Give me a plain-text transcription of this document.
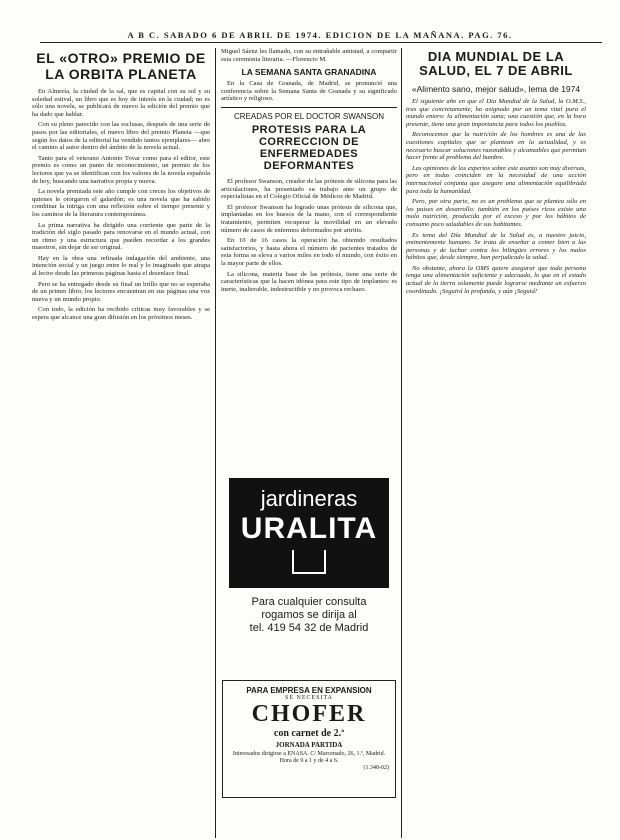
A B C. SABADO 6 DE ABRIL DE 1974. EDICION DE LA MAÑANA. PAG. 76.
EL «OTRO» PREMIO DE LA ORBITA PLANETA

En Almería, la ciudad de la sal, que es capital con su sol y su soledad estival, un libro que es hoy de interés en la ciudad; no es sólo una novela, se publicará de nuevo la edición del premio que ha dado que hablar.

Con su pleno parecido con las esclusas, después de una serie de pasos por las editoriales, el nuevo libro del premio Planeta —que según los datos de la editorial ha vendido tantos ejemplares— abre el camino al autor dentro del ámbito de la novela actual.

Tanto para el veterano Antonio Tovar como para el editor, este premio es como un punto de reconocimiento, un premio de los lectores que ya se identifican con los valores de la novela española de hoy, buscando una narrativa propia y nueva.

La novela premiada este año cumple con creces los objetivos de quienes le otorgaron el galardón; es una novela que ha sabido combinar la intriga con una reflexión sobre el tiempo presente y los caminos de la literatura contemporánea.

La prima narrativa ha dirigido una corriente que parte de la tradición del siglo pasado para renovarse en el mundo actual, con un ritmo y una estructura que pueden recordar a los grandes maestros, sin dejar de ser original.

Hay en la obra una refinada indagación del ambiente, una intención social y un juego entre lo real y lo imaginado que atrapa al lector desde las primeras páginas hasta el desenlace final.

Pero se ha entregado desde su final un brillo que no se esperaba de un primer libro; los lectores encuentran en sus páginas una voz nueva y un mundo propio.

Con todo, la edición ha recibido críticas muy favorables y se espera que alcance una gran difusión en los próximos meses.

Miguel Sáenz les llamado, con su entrañable amistad, a compartir esta ceremonia literaria. —Florencio M.

LA SEMANA SANTA GRANADINA

En la Casa de Granada, de Madrid, se pronunció una conferencia sobre la Semana Santa de Granada y su significado artístico y religioso.

CREADAS POR EL DOCTOR SWANSON
PROTESIS PARA LA CORRECCION DE ENFERMEDADES DEFORMANTES

El profesor Swanson, creador de las prótesis de silicona para las articulaciones, ha presentado su trabajo ante un grupo de especialistas en el Colegio Oficial de Médicos de Madrid.

El profesor Swanson ha logrado unas prótesis de silicona que, implantadas en los huesos de la mano, con el correspondiente tratamiento, permiten recuperar la movilidad en un elevado número de casos de enfermos deformados por artritis.

En 10 de 16 casos la operación ha obtenido resultados satisfactorios, y hasta ahora el número de pacientes tratados de esta forma se eleva a varios miles en todo el mundo, con éxito en la mayor parte de ellos.

La silicona, materia base de las prótesis, tiene una serie de características que la hacen idónea para este tipo de implantes: es inerte, inalterable, indestructible y no provoca rechazo.

jardineras
URALITA
Para cualquier consulta
rogamos se dirija al
tel. 419 54 32 de Madrid
PARA EMPRESA EN EXPANSION
SE NECESITA
CHOFER
con carnet de 2.ª
JORNADA PARTIDA
Interesados dirigirse a ENASA. C/ Marcenado, 26, 1.º, Madrid. Hora de 9 a 1 y de 4 a 6.
(1.348-02)
DIA MUNDIAL DE LA SALUD, EL 7 DE ABRIL
«Alimento sano, mejor salud», lema de 1974

El siguiente año en que el Día Mundial de la Salud, la O.M.S., tras que concretamente, ha asignado por un tema vital para el mundo entero: la alimentación sana; una cuestión que, en la hora presente, tiene una gran importancia para todos los pueblos.

Reconocemos que la nutrición de los hombres es una de las cuestiones capitales que se plantean en la actualidad, y es necesario buscar soluciones razonables y alcanzables que permitan hacer frente al problema del hambre.

Las opiniones de los expertos sobre este asunto son muy diversas, pero en todas coinciden en la necesidad de una acción internacional conjunta que asegure una alimentación equilibrada para toda la humanidad.

Pero, por otra parte, no es un problema que se plantea sólo en los países en desarrollo: también en los países ricos existe una mala nutrición, producida por el exceso y por los hábitos de consumo poco saludables de sus habitantes.

Es tema del Día Mundial de la Salud es, a nuestro juicio, eminentemente humano. Se trata de enseñar a comer bien a las personas y de luchar contra los bilingües errores y los malos hábitos que, desde siempre, han perjudicado la salud.

No obstante, ahora la OMS quiere asegurar que toda persona tenga una alimentación suficiente y adecuada, lo que en el estado actual de la tierra solamente puede lograrse mediante un esfuerzo coordinado. ¡Seguirá la profunda, y aún ¡Seguid!
